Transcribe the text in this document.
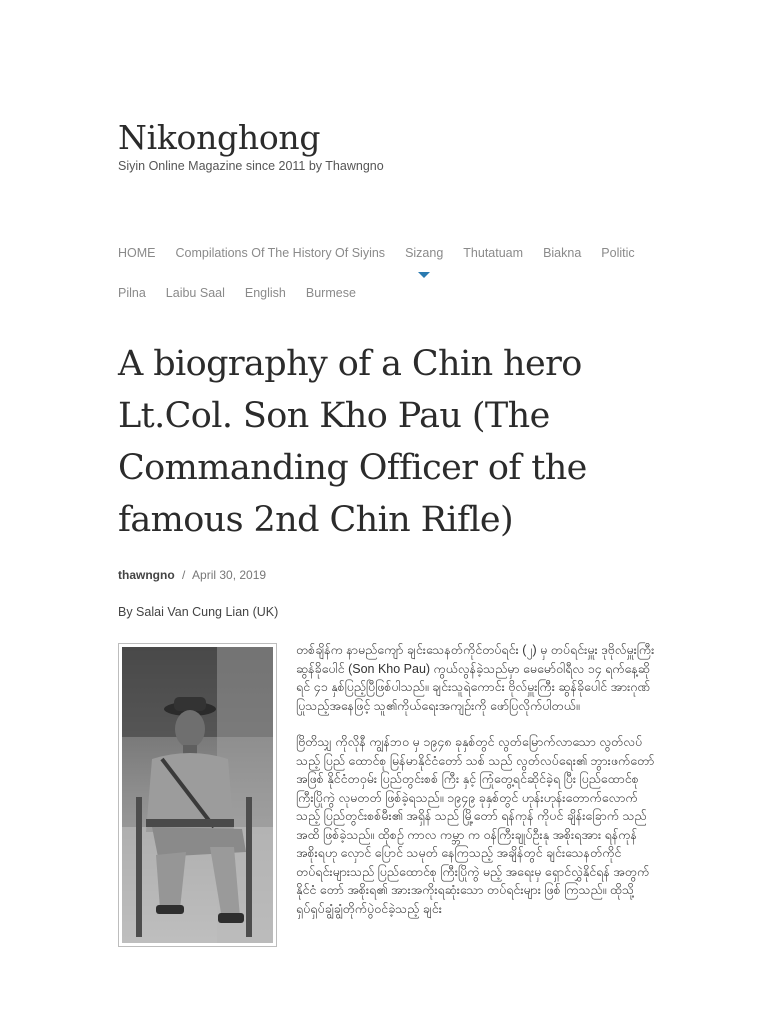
Nikonghong

Siyin Online Magazine since 2011 by Thawngno

HOME Compilations Of The History Of Siyins Sizang Thutatuam Biakna Politic
Pilna Laibu Saal English Burmese
A biography of a Chin hero Lt.Col. Son Kho Pau (The Commanding Officer of the famous 2nd Chin Rifle)
thawngno / April 30, 2019

By Salai Van Cung Lian (UK)

တစ်ချိန်က နာမည်ကျော် ချင်းသေနတ်ကိုင်တပ်ရင်း (၂) မှ တပ်ရင်းမှူး ဒုဗိုလ်မှူးကြီး ဆွန်ခိုပေါင် (Son Kho Pau) ကွယ်လွန်ခဲ့သည်မှာ မေမော်ဝါရီလ ၁၄ ရက်နေ့ဆိုရင် ၄၁ နှစ်ပြည့်ပြီဖြစ်ပါသည်။ ချင်းသူရဲကောင်း ဗိုလ်မှူးကြီး ဆွန်ခိုပေါင် အားဂုဏ်ပြုသည့်အနေဖြင့် သူ၏ကိုယ်ရေးအကျဉ်းကို ဖော်ပြလိုက်ပါတယ်။

ဗြိတိသျှ ကိုလိုနီ ကျွန်ဘဝ မှ ၁၉၄၈ ခုနှစ်တွင် လွတ်မြောက်လာသော လွတ်လပ်သည့် ပြည် ထောင်စု မြန်မာနိုင်ငံတော် သစ် သည် လွတ်လပ်ရေး၏ ဘွားဖက်တော်အဖြစ် နိုင်ငံတဝှမ်း ပြည်တွင်းစစ် ကြီး နှင့် ကြုံတွေ့ရင်ဆိုင်ခဲ့ရ ပြီး ပြည်ထောင်စုကြီးပြိုကွဲ လုမတတ် ဖြစ်ခဲ့ရသည်။ ၁၉၄၉ ခုနှစ်တွင် ဟုန်းဟုန်းတောက်လောက်သည့် ပြည်တွင်းစစ်မီး၏ အရှိန် သည် မြို့တော် ရန်ကုန် ကိုပင် ချိန်းခြောက် သည်အထိ ဖြစ်ခဲ့သည်။ ထိုစဉ် ကာလ ကမ္ဘာ က ဝန်ကြီးချုပ်ဦးနု အစိုးရအား ရန်ကုန်အစိုးရဟု လှောင် ပြောင် သမုတ် နေကြသည့် အချိန်တွင် ချင်းသေနတ်ကိုင်တပ်ရင်းများသည် ပြည်ထောင်စု ကြီးပြိုကွဲ မည့် အရေးမှ ရှောင်လွှဲနိုင်ရန် အတွက် နိုင်ငံ တော် အစိုးရ၏ အားအကိုးရဆုံးသော တပ်ရင်းများ ဖြစ် ကြသည်။ ထိုသို့ ရှပ်ရှပ်ချွံချွံတိုက်ပွဲဝင်ခဲ့သည့် ချင်း
